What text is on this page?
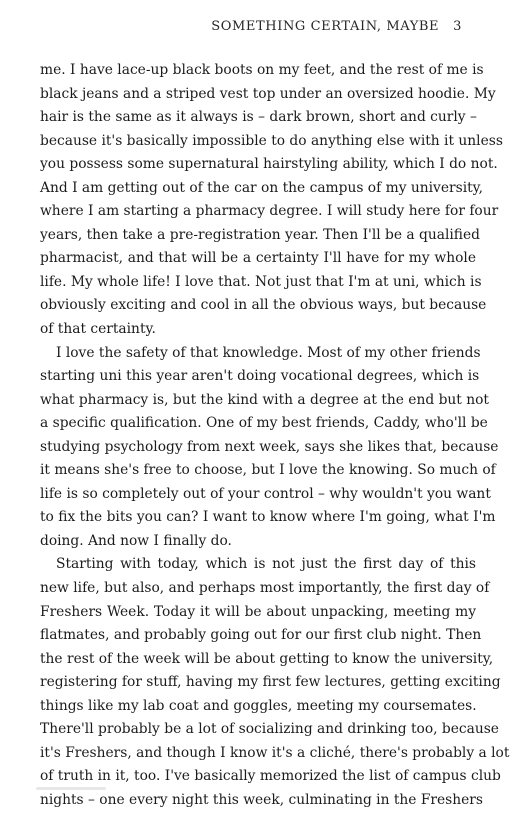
SOMETHING CERTAIN, MAYBE 3
me. I have lace-up black boots on my feet, and the rest of me is
black jeans and a striped vest top under an oversized hoodie. My
hair is the same as it always is – dark brown, short and curly –
because it's basically impossible to do anything else with it unless
you possess some supernatural hairstyling ability, which I do not.
And I am getting out of the car on the campus of my university,
where I am starting a pharmacy degree. I will study here for four
years, then take a pre-registration year. Then I'll be a qualified
pharmacist, and that will be a certainty I'll have for my whole
life. My whole life! I love that. Not just that I'm at uni, which is
obviously exciting and cool in all the obvious ways, but because
of that certainty.
I love the safety of that knowledge. Most of my other friends
starting uni this year aren't doing vocational degrees, which is
what pharmacy is, but the kind with a degree at the end but not
a specific qualification. One of my best friends, Caddy, who'll be
studying psychology from next week, says she likes that, because
it means she's free to choose, but I love the knowing. So much of
life is so completely out of your control – why wouldn't you want
to fix the bits you can? I want to know where I'm going, what I'm
doing. And now I finally do.
Starting with today, which is not just the first day of this
new life, but also, and perhaps most importantly, the first day of
Freshers Week. Today it will be about unpacking, meeting my
flatmates, and probably going out for our first club night. Then
the rest of the week will be about getting to know the university,
registering for stuff, having my first few lectures, getting exciting
things like my lab coat and goggles, meeting my coursemates.
There'll probably be a lot of socializing and drinking too, because
it's Freshers, and though I know it's a cliché, there's probably a lot
of truth in it, too. I've basically memorized the list of campus club
nights – one every night this week, culminating in the Freshers
